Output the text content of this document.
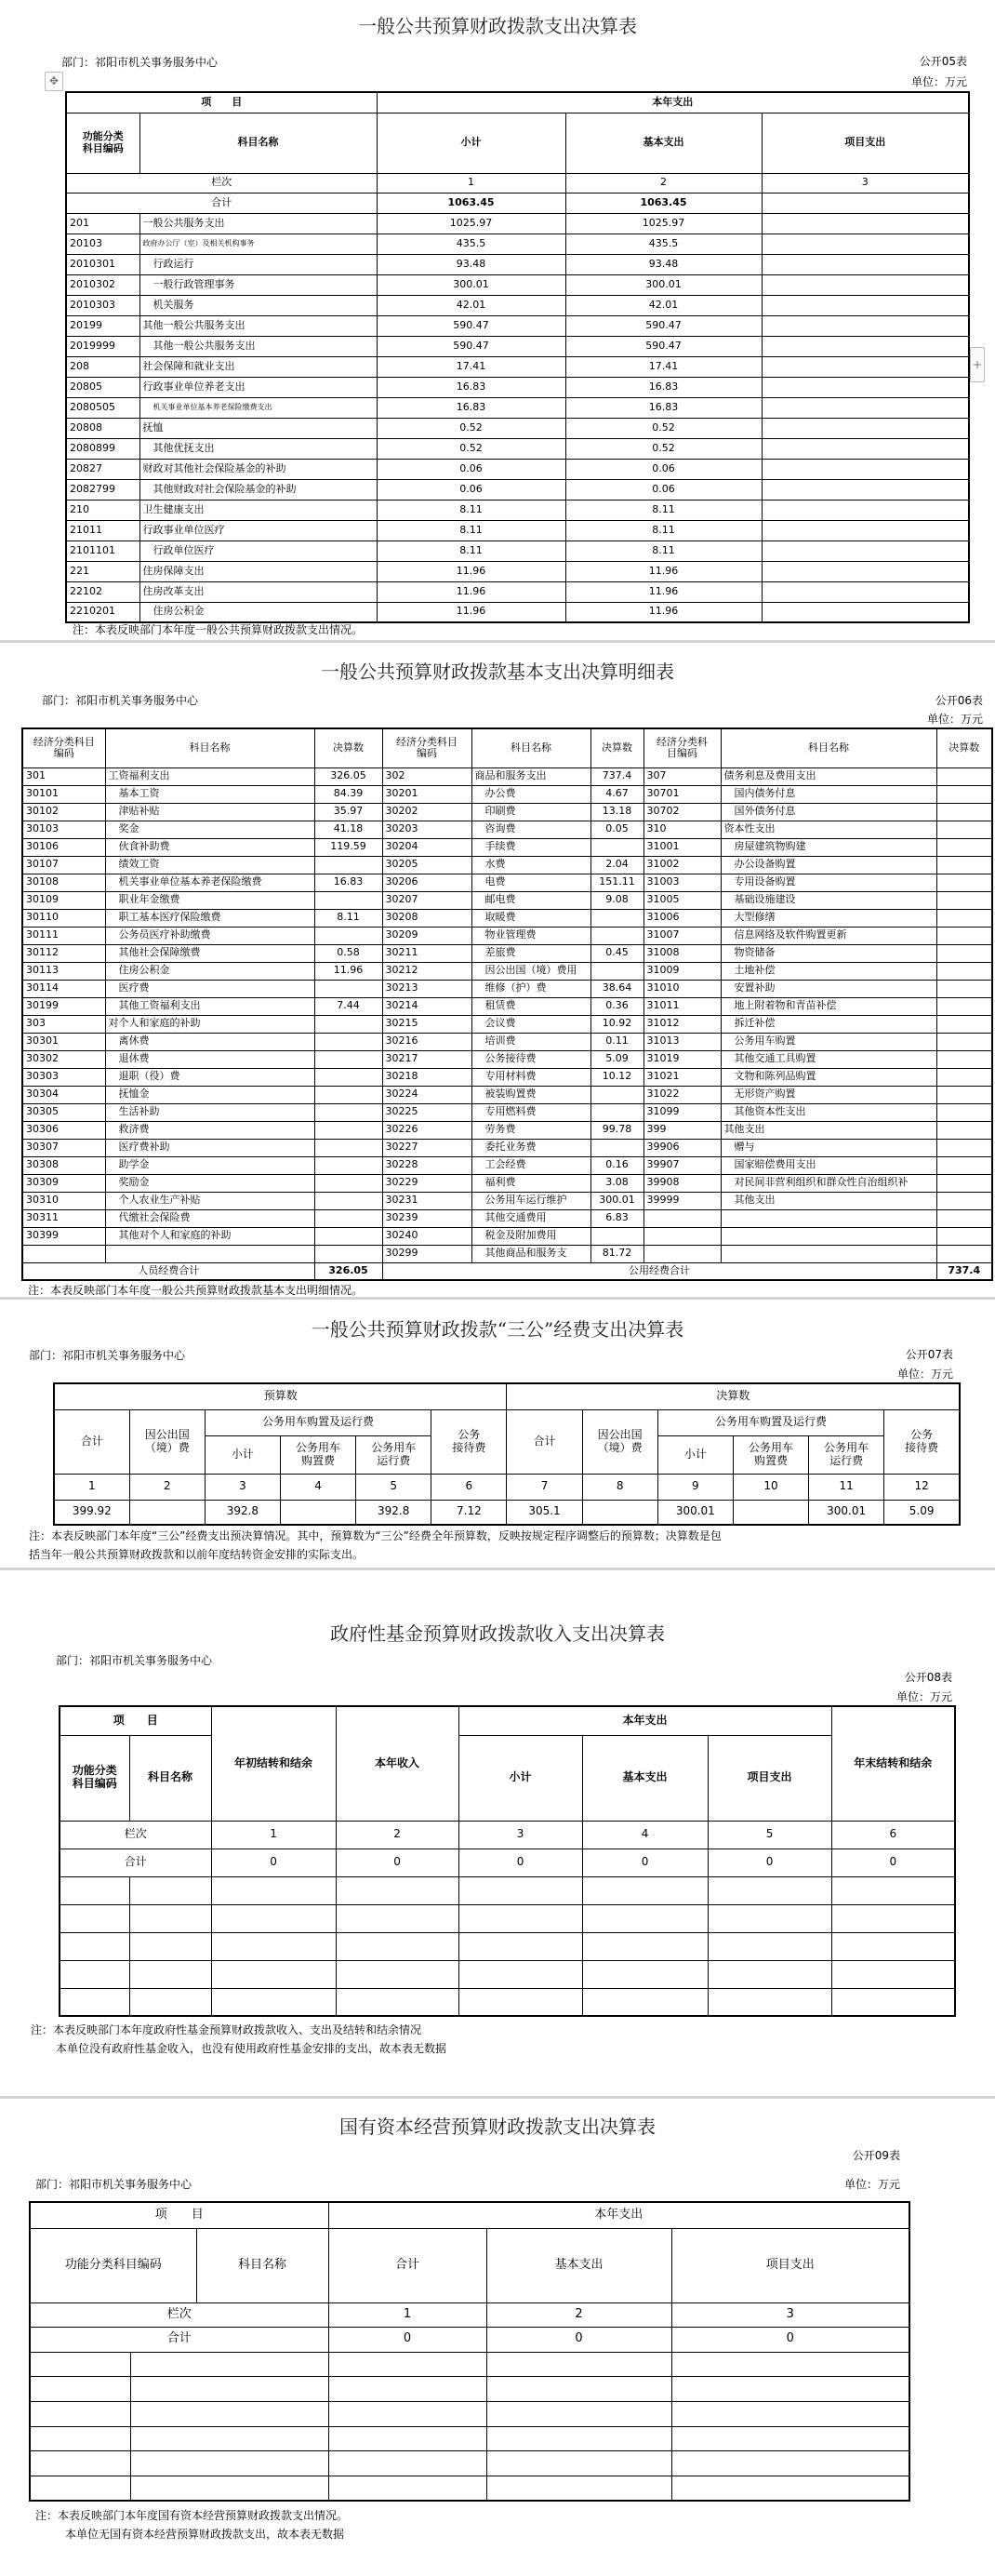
一般公共预算财政拨款支出决算表
部门：祁阳市机关事务服务中心	公开05表
单位：万元
✥
+
项　　目		本年支出		
功能分类
科目编码	科目名称	小计	基本支出	项目支出
栏次		1	2	3
合计		1063.45	1063.45	
201	一般公共服务支出	1025.97	1025.97	
20103	政府办公厅（室）及相关机构事务	435.5	435.5	
2010301	行政运行	93.48	93.48	
2010302	一般行政管理事务	300.01	300.01	
2010303	机关服务	42.01	42.01	
20199	其他一般公共服务支出	590.47	590.47	
2019999	其他一般公共服务支出	590.47	590.47	
208	社会保障和就业支出	17.41	17.41	
20805	行政事业单位养老支出	16.83	16.83	
2080505	机关事业单位基本养老保险缴费支出	16.83	16.83	
20808	抚恤	0.52	0.52	
2080899	其他优抚支出	0.52	0.52	
20827	财政对其他社会保险基金的补助	0.06	0.06	
2082799	其他财政对社会保险基金的补助	0.06	0.06	
210	卫生健康支出	8.11	8.11	
21011	行政事业单位医疗	8.11	8.11	
2101101	行政单位医疗	8.11	8.11	
221	住房保障支出	11.96	11.96	
22102	住房改革支出	11.96	11.96	
2210201	住房公积金	11.96	11.96	
注：本表反映部门本年度一般公共预算财政拨款支出情况。
一般公共预算财政拨款基本支出决算明细表
部门：祁阳市机关事务服务中心	公开06表
单位：万元
经济分类科目
编码	科目名称	决算数	经济分类科目
编码	科目名称	决算数	经济分类科
目编码	科目名称	决算数
301	工资福利支出	326.05	302	商品和服务支出	737.4	307	债务利息及费用支出	
30101	基本工资	84.39	30201	办公费	4.67	30701	国内债务付息	
30102	津贴补贴	35.97	30202	印刷费	13.18	30702	国外债务付息	
30103	奖金	41.18	30203	咨询费	0.05	310	资本性支出	
30106	伙食补助费	119.59	30204	手续费		31001	房屋建筑物购建	
30107	绩效工资		30205	水费	2.04	31002	办公设备购置	
30108	机关事业单位基本养老保险缴费	16.83	30206	电费	151.11	31003	专用设备购置	
30109	职业年金缴费		30207	邮电费	9.08	31005	基础设施建设	
30110	职工基本医疗保险缴费	8.11	30208	取暖费		31006	大型修缮	
30111	公务员医疗补助缴费		30209	物业管理费		31007	信息网络及软件购置更新	
30112	其他社会保障缴费	0.58	30211	差旅费	0.45	31008	物资储备	
30113	住房公积金	11.96	30212	因公出国（境）费用		31009	土地补偿	
30114	医疗费		30213	维修（护）费	38.64	31010	安置补助	
30199	其他工资福利支出	7.44	30214	租赁费	0.36	31011	地上附着物和青苗补偿	
303	对个人和家庭的补助		30215	会议费	10.92	31012	拆迁补偿	
30301	离休费		30216	培训费	0.11	31013	公务用车购置	
30302	退休费		30217	公务接待费	5.09	31019	其他交通工具购置	
30303	退职（役）费		30218	专用材料费	10.12	31021	文物和陈列品购置	
30304	抚恤金		30224	被装购置费		31022	无形资产购置	
30305	生活补助		30225	专用燃料费		31099	其他资本性支出	
30306	救济费		30226	劳务费	99.78	399	其他支出	
30307	医疗费补助		30227	委托业务费		39906	赠与	
30308	助学金		30228	工会经费	0.16	39907	国家赔偿费用支出	
30309	奖励金		30229	福利费	3.08	39908	对民间非营利组织和群众性自治组织补	
30310	个人农业生产补贴		30231	公务用车运行维护	300.01	39999	其他支出	
30311	代缴社会保险费		30239	其他交通费用	6.83			
30399	其他对个人和家庭的补助		30240	税金及附加费用				
			30299	其他商品和服务支	81.72			
人员经费合计		326.05	公用经费合计					737.4
注：本表反映部门本年度一般公共预算财政拨款基本支出明细情况。
一般公共预算财政拨款“三公”经费支出决算表
部门：祁阳市机关事务服务中心	公开07表
单位：万元
预算数						决算数					
合计	因公出国
（境）费	公务用车购置及运行费			公务
接待费	合计	因公出国
（境）费	公务用车购置及运行费			公务
接待费
		小计	公务用车
购置费	公务用车
运行费				小计	公务用车
购置费	公务用车
运行费	
1	2	3	4	5	6	7	8	9	10	11	12
399.92		392.8		392.8	7.12	305.1		300.01		300.01	5.09
注：本表反映部门本年度“三公”经费支出预决算情况。其中，预算数为“三公”经费全年预算数，反映按规定程序调整后的预算数；决算数是包
括当年一般公共预算财政拨款和以前年度结转资金安排的实际支出。
政府性基金预算财政拨款收入支出决算表
部门：祁阳市机关事务服务中心
公开08表
单位：万元
项　　目		年初结转和结余	本年收入	本年支出			年末结转和结余
功能分类
科目编码	科目名称			小计	基本支出	项目支出	
栏次		1	2	3	4	5	6
合计		0	0	0	0	0	0

注：本表反映部门本年度政府性基金预算财政拨款收入、支出及结转和结余情况
本单位没有政府性基金收入，也没有使用政府性基金安排的支出，故本表无数据
国有资本经营预算财政拨款支出决算表
公开09表
部门：祁阳市机关事务服务中心	单位：万元
项　　目			本年支出		
功能分类科目编码		科目名称	合计	基本支出	项目支出
栏次			1	2	3
合计			0	0	0

注：本表反映部门本年度国有资本经营预算财政拨款支出情况。
本单位无国有资本经营预算财政拨款支出，故本表无数据
